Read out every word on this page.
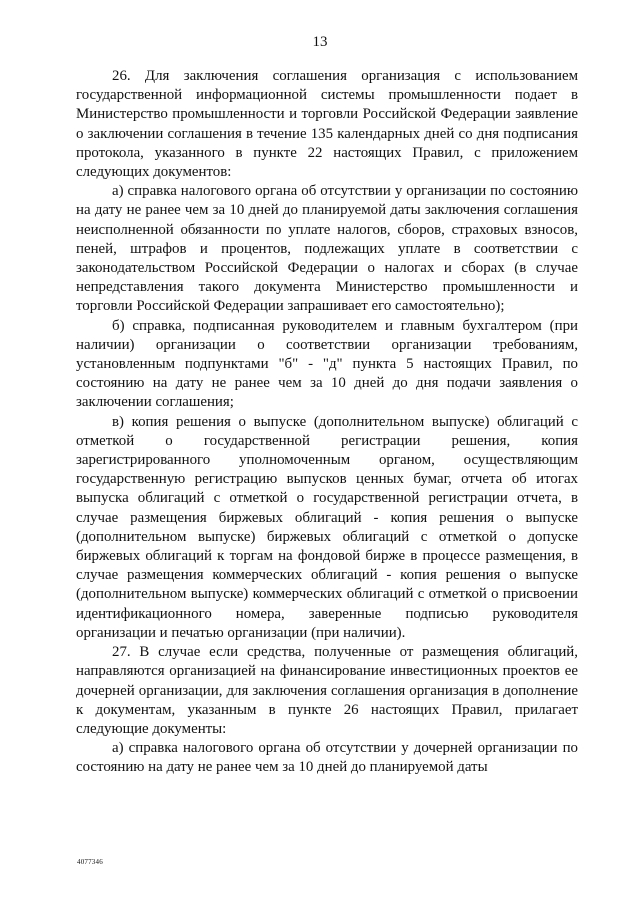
13

26. Для заключения соглашения организация с использованием государственной информационной системы промышленности подает в Министерство промышленности и торговли Российской Федерации заявление о заключении соглашения в течение 135 календарных дней со дня подписания протокола, указанного в пункте 22 настоящих Правил, с приложением следующих документов:

а) справка налогового органа об отсутствии у организации по состоянию на дату не ранее чем за 10 дней до планируемой даты заключения соглашения неисполненной обязанности по уплате налогов, сборов, страховых взносов, пеней, штрафов и процентов, подлежащих уплате в соответствии с законодательством Российской Федерации о налогах и сборах (в случае непредставления такого документа Министерство промышленности и торговли Российской Федерации запрашивает его самостоятельно);

б) справка, подписанная руководителем и главным бухгалтером (при наличии) организации о соответствии организации требованиям, установленным подпунктами "б" - "д" пункта 5 настоящих Правил, по состоянию на дату не ранее чем за 10 дней до дня подачи заявления о заключении соглашения;

в) копия решения о выпуске (дополнительном выпуске) облигаций с отметкой о государственной регистрации решения, копия зарегистрированного уполномоченным органом, осуществляющим государственную регистрацию выпусков ценных бумаг, отчета об итогах выпуска облигаций с отметкой о государственной регистрации отчета, в случае размещения биржевых облигаций - копия решения о выпуске (дополнительном выпуске) биржевых облигаций с отметкой о допуске биржевых облигаций к торгам на фондовой бирже в процессе размещения, в случае размещения коммерческих облигаций - копия решения о выпуске (дополнительном выпуске) коммерческих облигаций с отметкой о присвоении идентификационного номера, заверенные подписью руководителя организации и печатью организации (при наличии).

27. В случае если средства, полученные от размещения облигаций, направляются организацией на финансирование инвестиционных проектов ее дочерней организации, для заключения соглашения организация в дополнение к документам, указанным в пункте 26 настоящих Правил, прилагает следующие документы:

а) справка налогового органа об отсутствии у дочерней организации по состоянию на дату не ранее чем за 10 дней до планируемой даты

4077346
